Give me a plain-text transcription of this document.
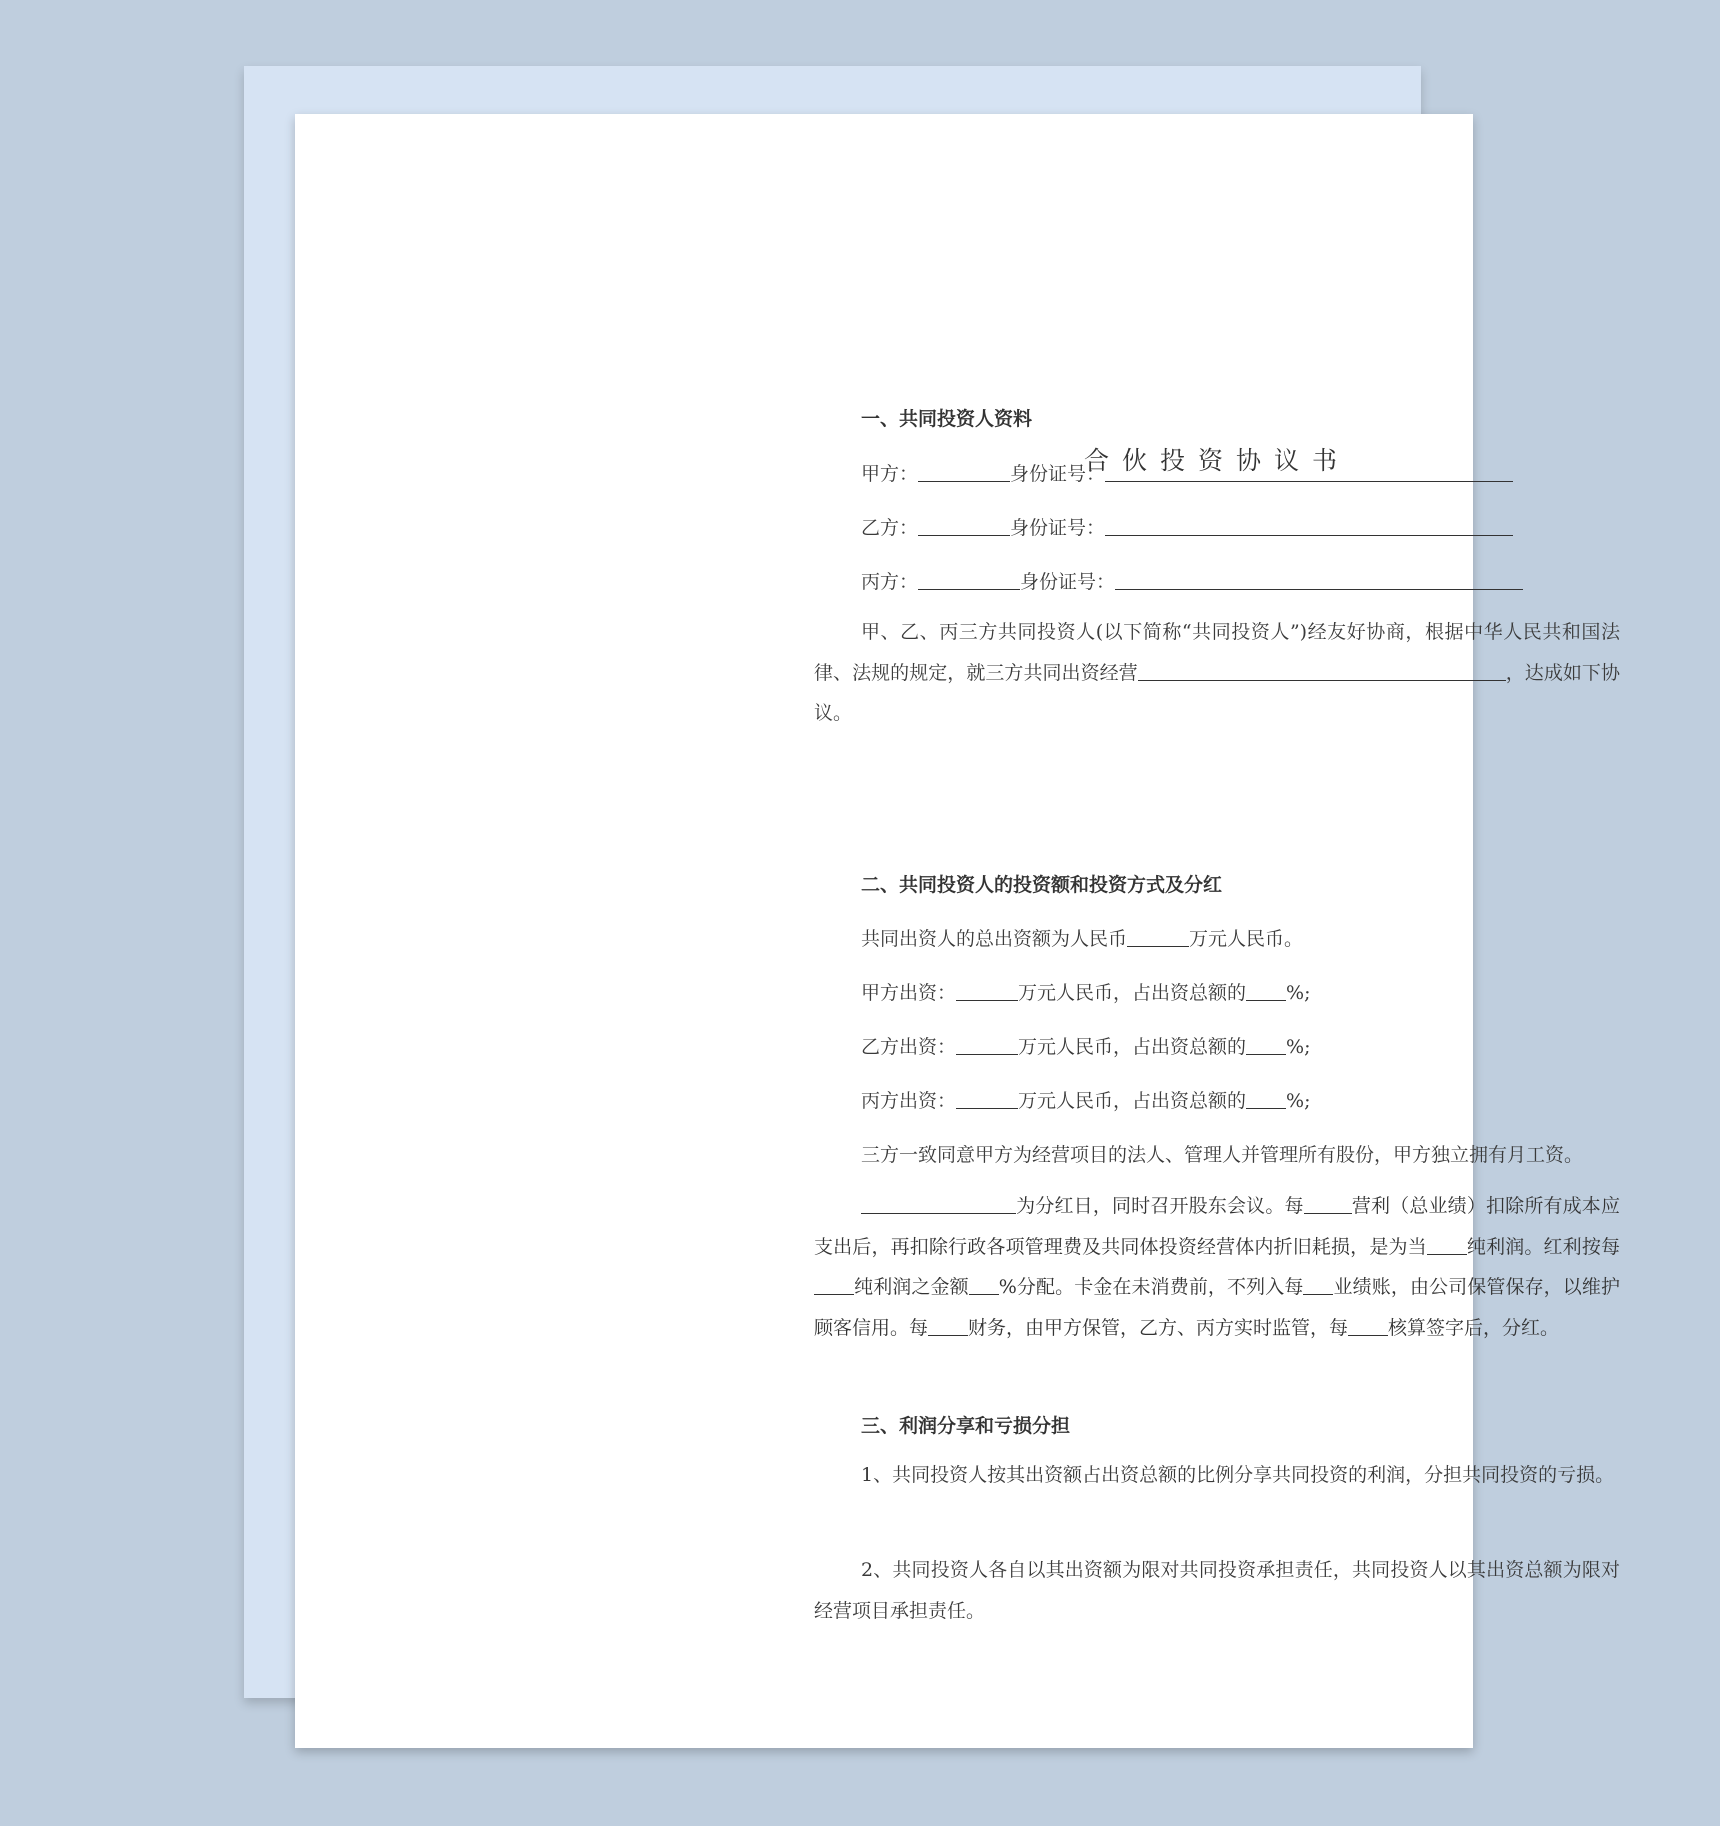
合伙投资协议书
一、共同投资人资料
甲方：	身份证号：
乙方：	身份证号：
丙方：	身份证号：
甲、乙、丙三方共同投资人(以下简称“共同投资人”)经友好协商，根据中华人民共和国法律、法规的规定，就三方共同出资经营	，达成如下协议。
二、共同投资人的投资额和投资方式及分红
共同出资人的总出资额为人民币	万元人民币。
甲方出资：	万元人民币，占出资总额的 %;
乙方出资：	万元人民币，占出资总额的 %;
丙方出资：	万元人民币，占出资总额的 %;
三方一致同意甲方为经营项目的法人、管理人并管理所有股份，甲方独立拥有月工资。
为分红日，同时召开股东会议。每	营利（总业绩）扣除所有成本应支出后，再扣除行政各项管理费及共同体投资经营体内折旧耗损，是为当 纯利润。红利按每纯利润之金额 %分配。卡金在未消费前，不列入每 业绩账，由公司保管保存，以维护顾客信用。每 财务，由甲方保管，乙方、丙方实时监管，每 核算签字后，分红。
三、利润分享和亏损分担
1、共同投资人按其出资额占出资总额的比例分享共同投资的利润，分担共同投资的亏损。
2、共同投资人各自以其出资额为限对共同投资承担责任，共同投资人以其出资总额为限对经营项目承担责任。
